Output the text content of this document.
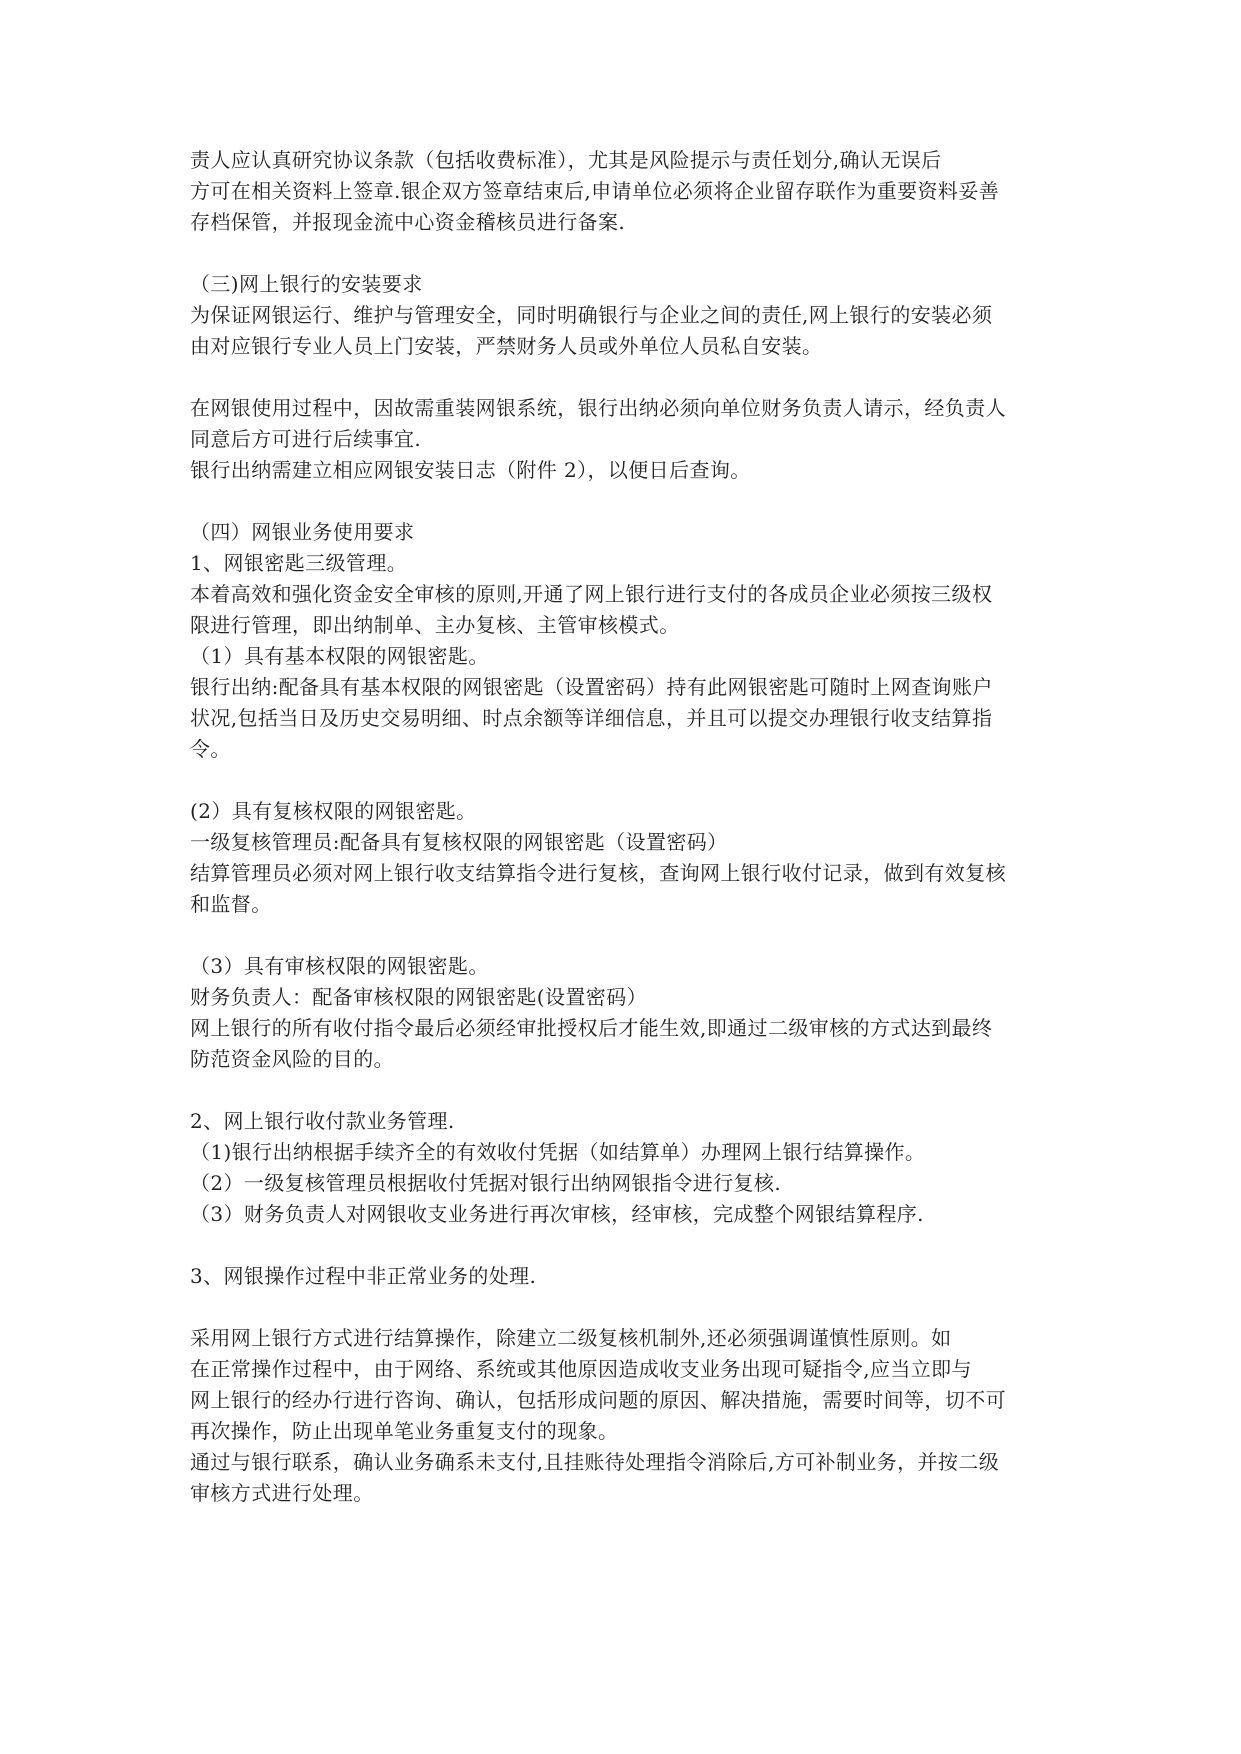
责人应认真研究协议条款（包括收费标准），尤其是风险提示与责任划分,确认无误后
方可在相关资料上签章.银企双方签章结束后,申请单位必须将企业留存联作为重要资料妥善
存档保管，并报现金流中心资金稽核员进行备案.
（三)网上银行的安装要求
为保证网银运行、维护与管理安全，同时明确银行与企业之间的责任,网上银行的安装必须
由对应银行专业人员上门安装，严禁财务人员或外单位人员私自安装。
在网银使用过程中，因故需重装网银系统，银行出纳必须向单位财务负责人请示，经负责人
同意后方可进行后续事宜.
银行出纳需建立相应网银安装日志（附件 2），以便日后查询。
（四）网银业务使用要求
1、网银密匙三级管理。
本着高效和强化资金安全审核的原则,开通了网上银行进行支付的各成员企业必须按三级权
限进行管理，即出纳制单、主办复核、主管审核模式。
（1）具有基本权限的网银密匙。
银行出纳:配备具有基本权限的网银密匙（设置密码）持有此网银密匙可随时上网查询账户
状况,包括当日及历史交易明细、时点余额等详细信息，并且可以提交办理银行收支结算指
令。
(2）具有复核权限的网银密匙。
一级复核管理员:配备具有复核权限的网银密匙（设置密码）
结算管理员必须对网上银行收支结算指令进行复核，查询网上银行收付记录，做到有效复核
和监督。
（3）具有审核权限的网银密匙。
财务负责人：配备审核权限的网银密匙(设置密码）
网上银行的所有收付指令最后必须经审批授权后才能生效,即通过二级审核的方式达到最终
防范资金风险的目的。
2、网上银行收付款业务管理.
（1)银行出纳根据手续齐全的有效收付凭据（如结算单）办理网上银行结算操作。
（2）一级复核管理员根据收付凭据对银行出纳网银指令进行复核.
（3）财务负责人对网银收支业务进行再次审核，经审核，完成整个网银结算程序.
3、网银操作过程中非正常业务的处理.
采用网上银行方式进行结算操作，除建立二级复核机制外,还必须强调谨慎性原则。如
在正常操作过程中，由于网络、系统或其他原因造成收支业务出现可疑指令,应当立即与
网上银行的经办行进行咨询、确认，包括形成问题的原因、解决措施，需要时间等，切不可
再次操作，防止出现单笔业务重复支付的现象。
通过与银行联系，确认业务确系未支付,且挂账待处理指令消除后,方可补制业务，并按二级
审核方式进行处理。
